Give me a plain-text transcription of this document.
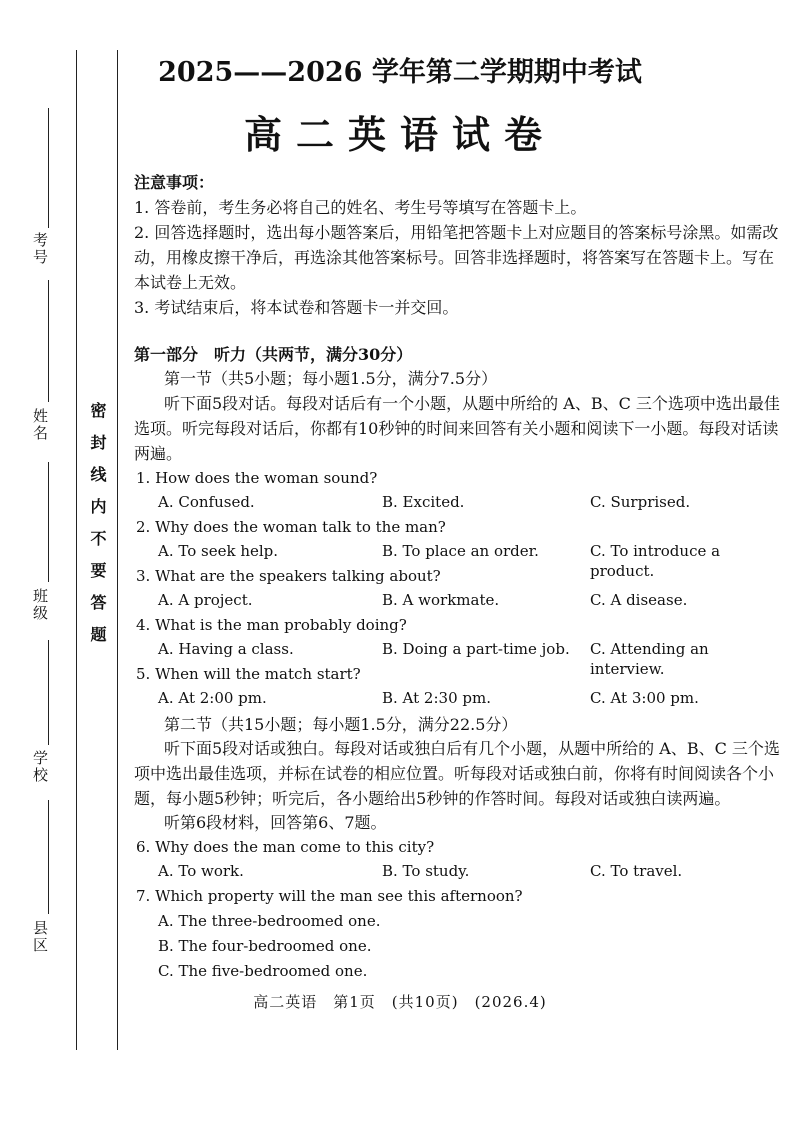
考号
姓名
班级
学校
县区
密封线内不要答题
2025——2026 学年第二学期期中考试
高二英语试卷
注意事项：
1. 答卷前，考生务必将自己的姓名、考生号等填写在答题卡上。
2. 回答选择题时，选出每小题答案后，用铅笔把答题卡上对应题目的答案标号涂黑。如需改动，用橡皮擦干净后，再选涂其他答案标号。回答非选择题时，将答案写在答题卡上。写在本试卷上无效。
3. 考试结束后，将本试卷和答题卡一并交回。
第一部分　听力（共两节，满分30分）
第一节（共5小题；每小题1.5分，满分7.5分）
听下面5段对话。每段对话后有一个小题，从题中所给的 A、B、C 三个选项中选出最佳选项。听完每段对话后，你都有10秒钟的时间来回答有关小题和阅读下一小题。每段对话读两遍。
1. How does the woman sound?
A. Confused.	B. Excited.	C. Surprised.
2. Why does the woman talk to the man?
A. To seek help.	B. To place an order.	C. To introduce a product.
3. What are the speakers talking about?
A. A project.	B. A workmate.	C. A disease.
4. What is the man probably doing?
A. Having a class.	B. Doing a part-time job. C. Attending an interview.
5. When will the match start?
A. At 2:00 pm.	B. At 2:30 pm.	C. At 3:00 pm.
第二节（共15小题；每小题1.5分，满分22.5分）
听下面5段对话或独白。每段对话或独白后有几个小题，从题中所给的 A、B、C 三个选项中选出最佳选项，并标在试卷的相应位置。听每段对话或独白前，你将有时间阅读各个小题，每小题5秒钟；听完后，各小题给出5秒钟的作答时间。每段对话或独白读两遍。
听第6段材料，回答第6、7题。
6. Why does the man come to this city?
A. To work.	B. To study.	C. To travel.
7. Which property will the man see this afternoon?
A. The three-bedroomed one.
B. The four-bedroomed one.
C. The five-bedroomed one.
高二英语　第1页　(共10页)　(2026.4)
